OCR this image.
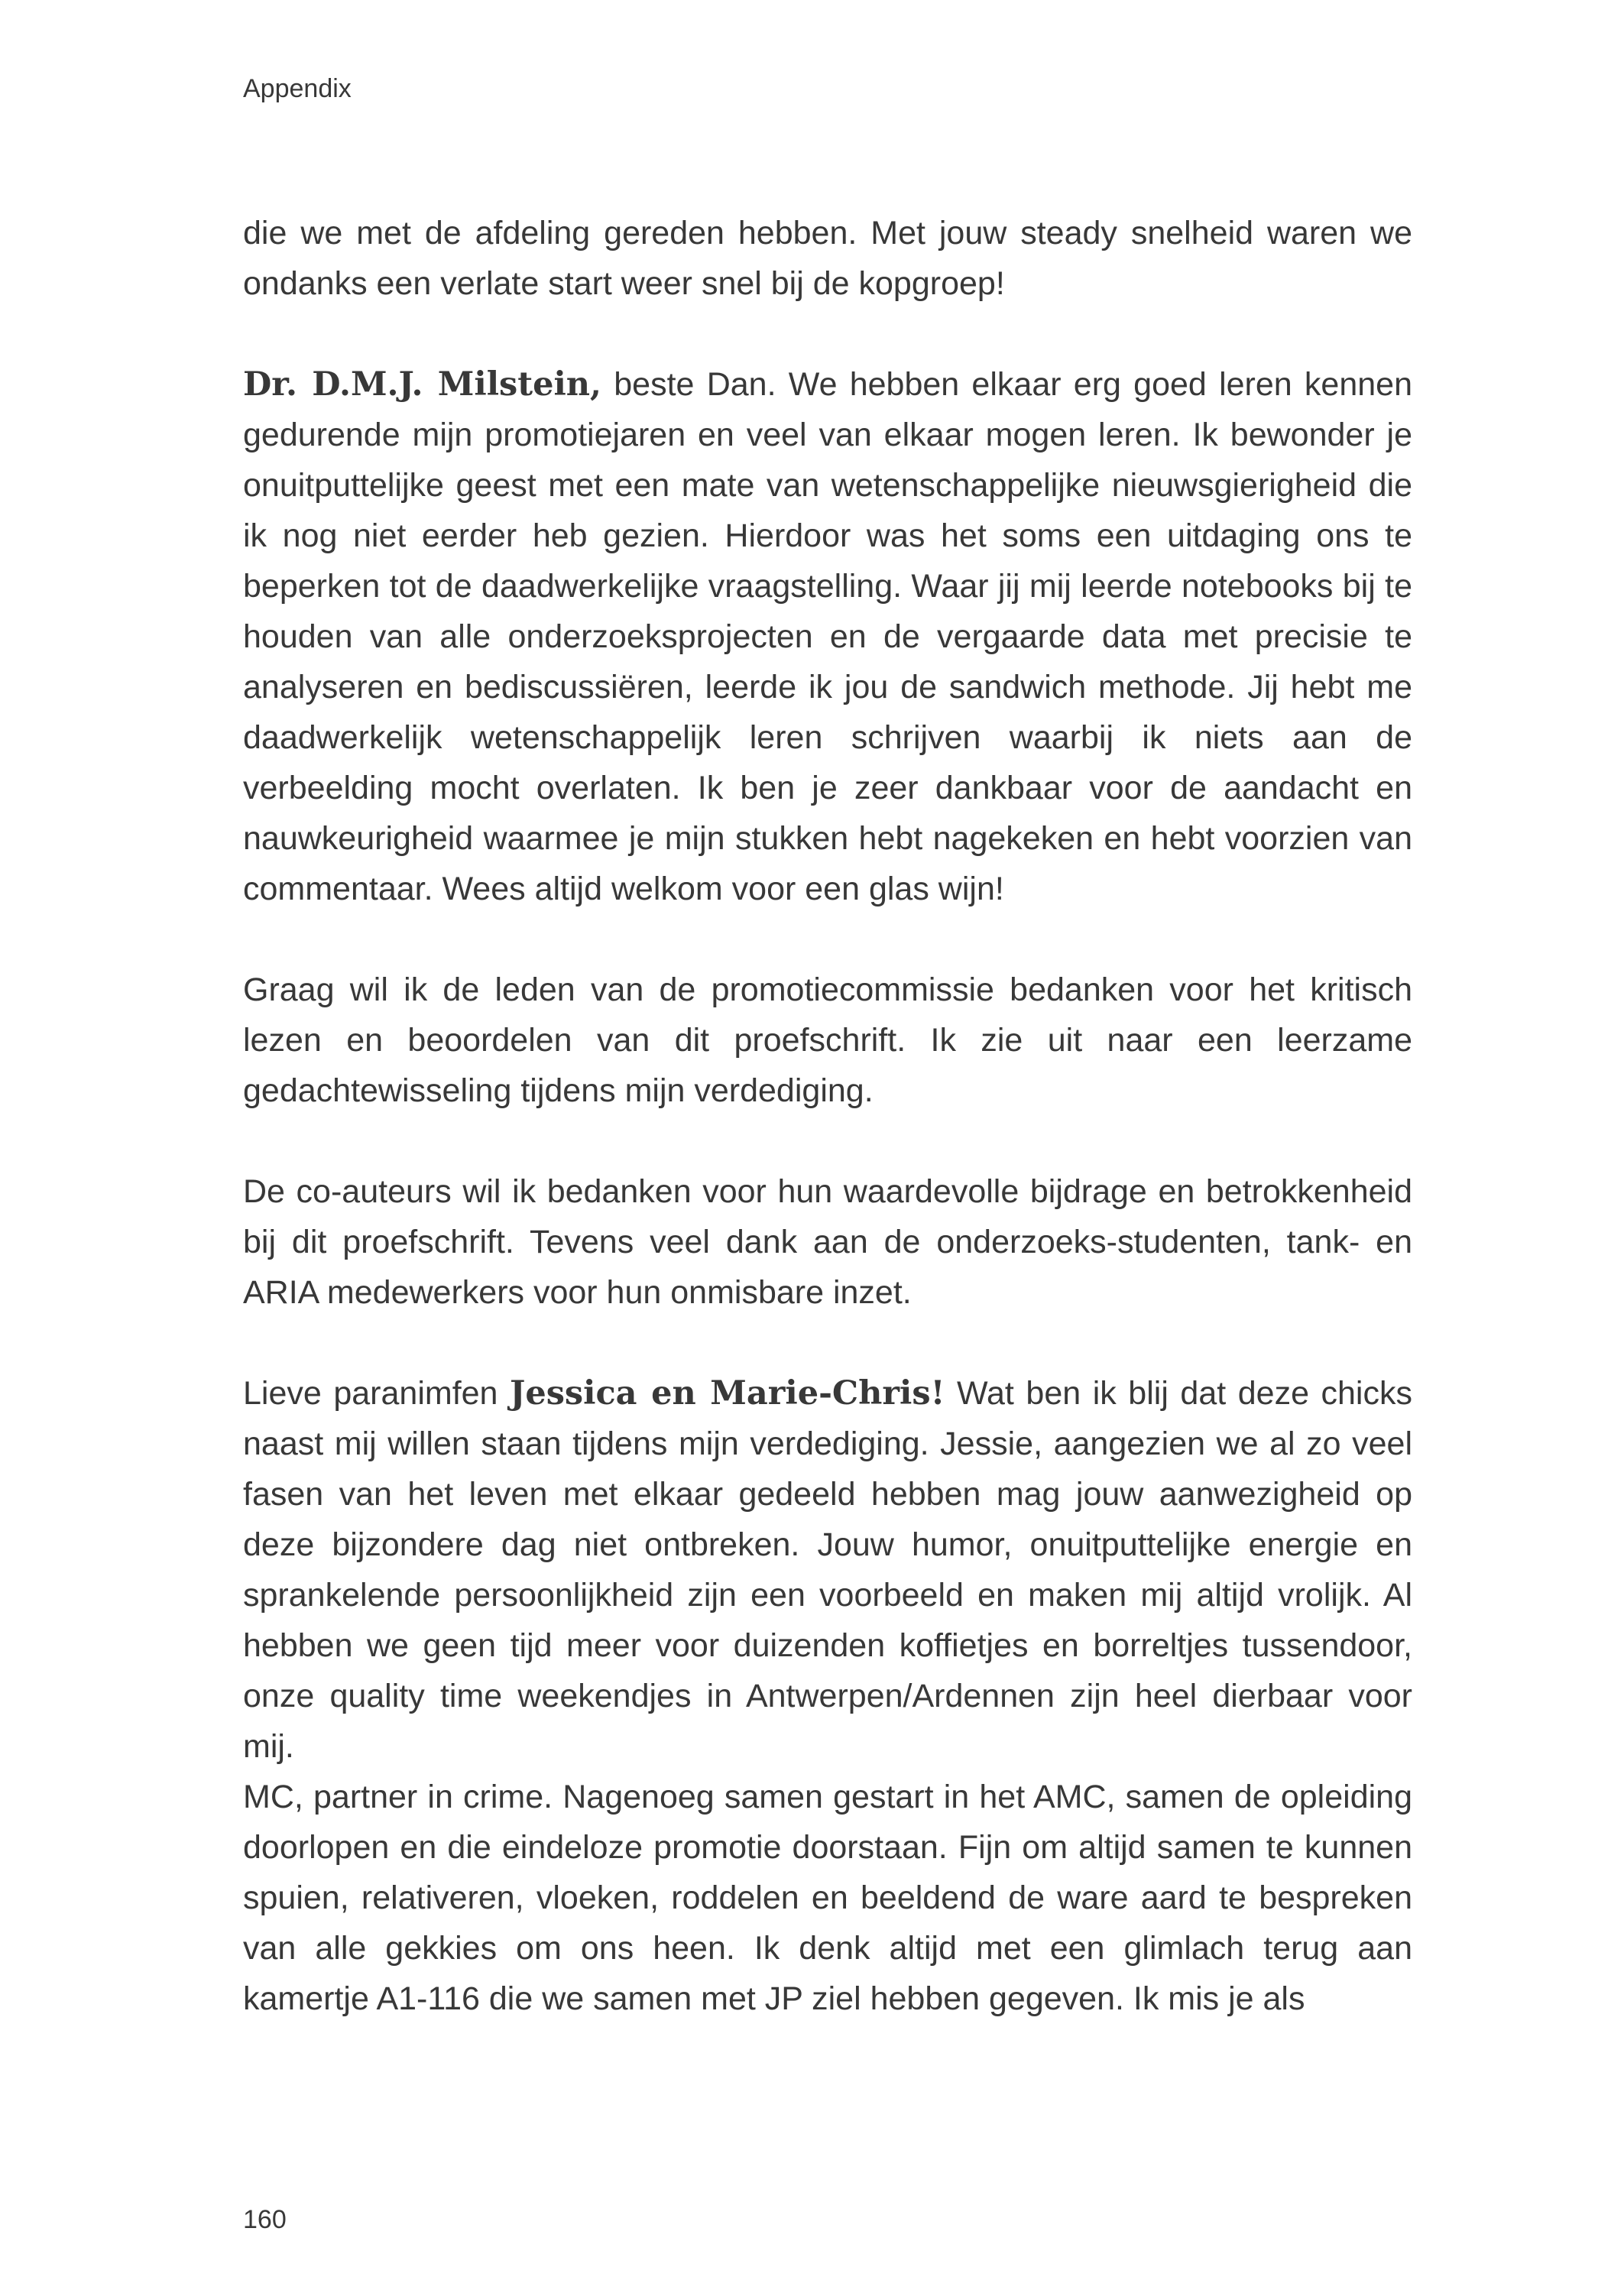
Appendix

die we met de afdeling gereden hebben. Met jouw steady snelheid waren we ondanks een verlate start weer snel bij de kopgroep!

Dr. D.M.J. Milstein, beste Dan. We hebben elkaar erg goed leren kennen gedurende mijn promotiejaren en veel van elkaar mogen leren. Ik bewonder je onuitputtelijke geest met een mate van wetenschappelijke nieuwsgierigheid die ik nog niet eerder heb gezien. Hierdoor was het soms een uitdaging ons te beperken tot de daadwerkelijke vraagstelling. Waar jij mij leerde notebooks bij te houden van alle onderzoeksprojecten en de vergaarde data met precisie te analyseren en bediscussiëren, leerde ik jou de sandwich methode. Jij hebt me daadwerkelijk wetenschappelijk leren schrijven waarbij ik niets aan de verbeelding mocht overlaten. Ik ben je zeer dankbaar voor de aandacht en nauwkeurigheid waarmee je mijn stukken hebt nagekeken en hebt voorzien van commentaar. Wees altijd welkom voor een glas wijn!

Graag wil ik de leden van de promotiecommissie bedanken voor het kritisch lezen en beoordelen van dit proefschrift. Ik zie uit naar een leerzame gedachtewisseling tijdens mijn verdediging.

De co-auteurs wil ik bedanken voor hun waardevolle bijdrage en betrokkenheid bij dit proefschrift. Tevens veel dank aan de onderzoeks-studenten, tank- en ARIA medewerkers voor hun onmisbare inzet.

Lieve paranimfen Jessica en Marie-Chris! Wat ben ik blij dat deze chicks naast mij willen staan tijdens mijn verdediging. Jessie, aangezien we al zo veel fasen van het leven met elkaar gedeeld hebben mag jouw aanwezigheid op deze bijzondere dag niet ontbreken. Jouw humor, onuitputtelijke energie en sprankelende persoonlijkheid zijn een voorbeeld en maken mij altijd vrolijk. Al hebben we geen tijd meer voor duizenden koffietjes en borreltjes tussendoor, onze quality time weekendjes in Antwerpen/Ardennen zijn heel dierbaar voor mij.

MC, partner in crime. Nagenoeg samen gestart in het AMC, samen de opleiding doorlopen en die eindeloze promotie doorstaan. Fijn om altijd samen te kunnen spuien, relativeren, vloeken, roddelen en beeldend de ware aard te bespreken van alle gekkies om ons heen. Ik denk altijd met een glimlach terug aan kamertje A1-116 die we samen met JP ziel hebben gegeven. Ik mis je als

160
